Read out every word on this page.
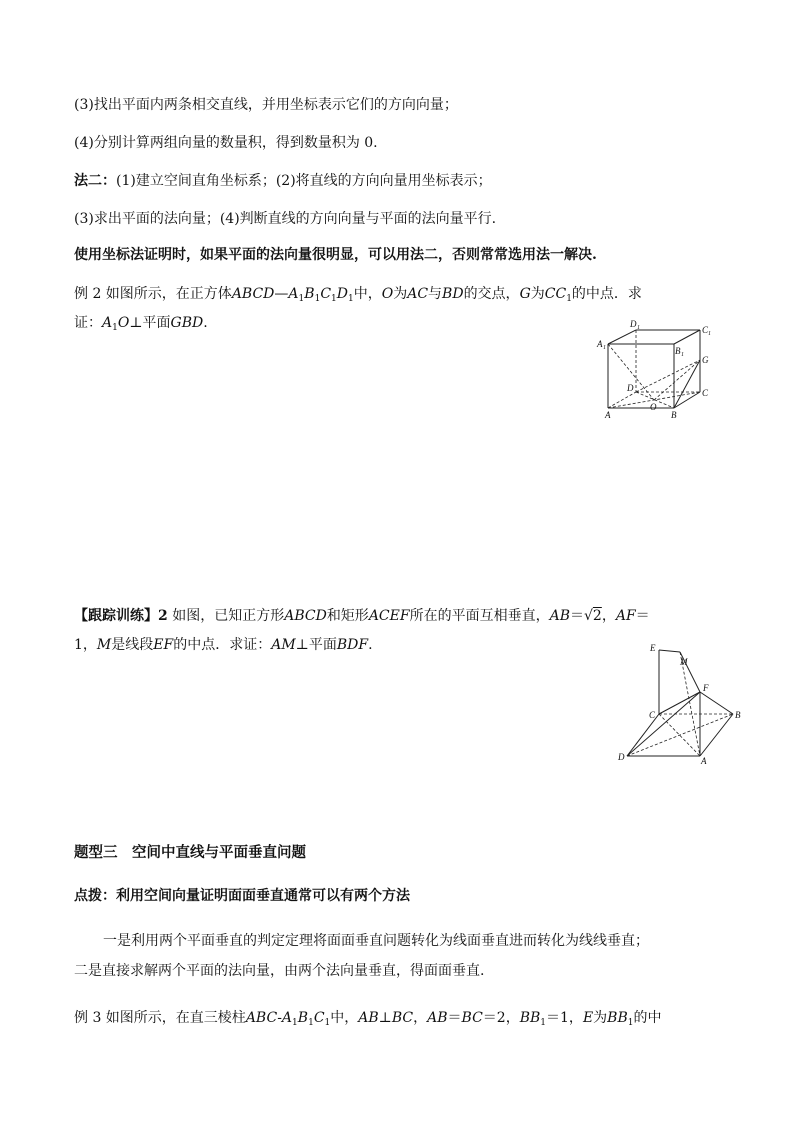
(3)找出平面内两条相交直线，并用坐标表示它们的方向向量；
(4)分别计算两组向量的数量积，得到数量积为 0.
法二：(1)建立空间直角坐标系；(2)将直线的方向向量用坐标表示；
(3)求出平面的法向量；(4)判断直线的方向向量与平面的法向量平行.
使用坐标法证明时，如果平面的法向量很明显，可以用法二，否则常常选用法一解决.
例 2 如图所示，在正方体$ABCD—A_1B_1C_1D_1$中，O为AC与BD的交点，G为$CC_1$的中点．求
证：$A_1O\perp$平面GBD.	D 1	C 1
A 1	B 1 G
D
O
C
A	B
【跟踪训练】2 如图，已知正方形ABCD和矩形ACEF所在的平面互相垂直，AB＝√2，AF＝
1，M是线段EF的中点．求证：AM⊥平面BDF.	E
M
F
C	B
D	A
题型三　空间中直线与平面垂直问题
点拨：利用空间向量证明面面垂直通常可以有两个方法
一是利用两个平面垂直的判定定理将面面垂直问题转化为线面垂直进而转化为线线垂直；
二是直接求解两个平面的法向量，由两个法向量垂直，得面面垂直.
例 3 如图所示，在直三棱柱ABC-$A_1B_1C_1$中，AB⊥BC，AB＝BC＝2，$BB_1=1$，E为$BB_1$的中
